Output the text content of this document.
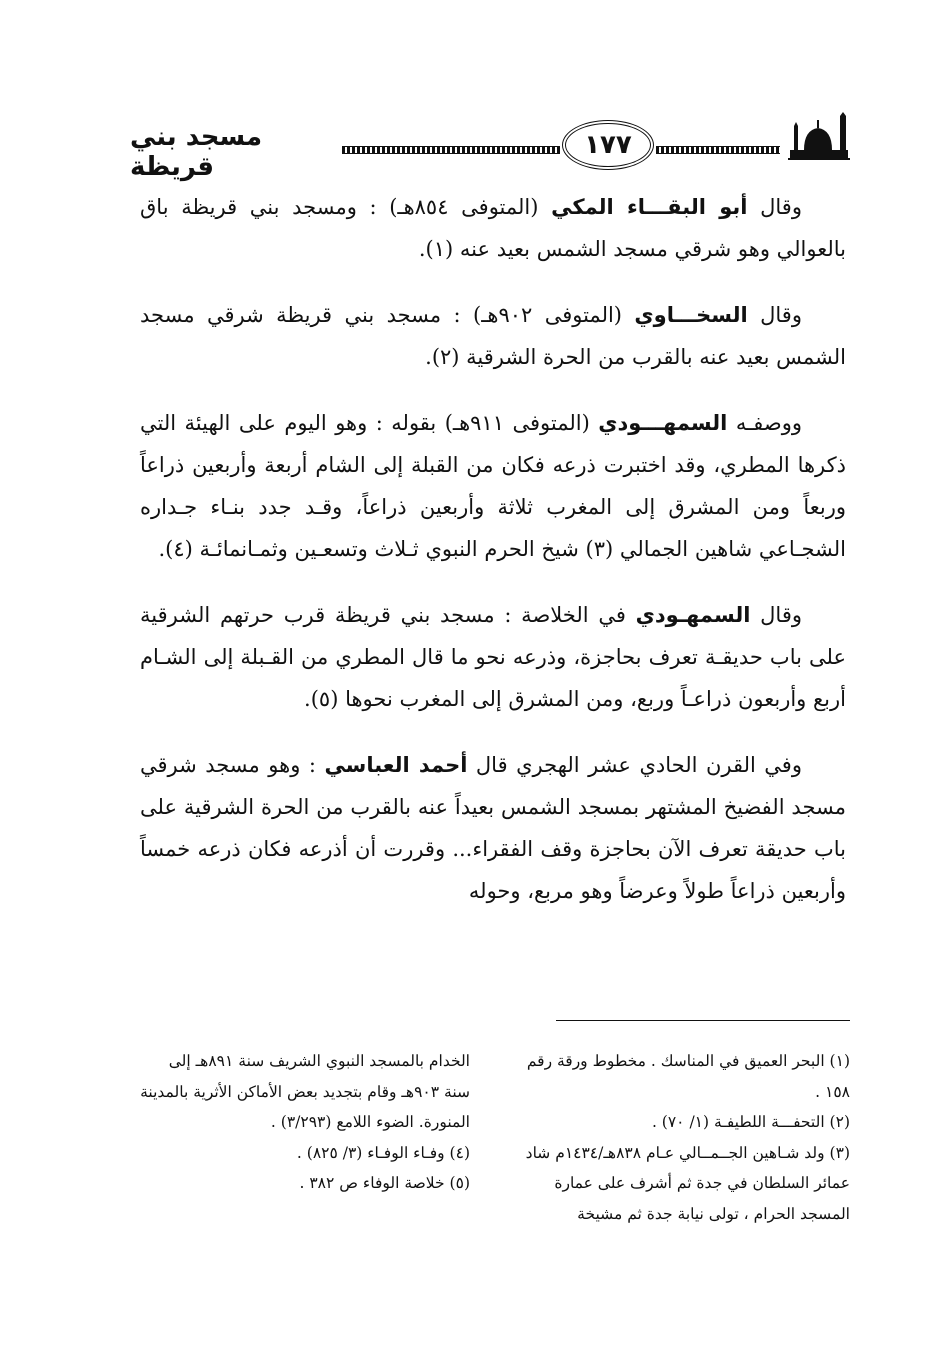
مسجد بني قريظة
١٧٧

وقال أبو البقـــاء المكي (المتوفى ٨٥٤هـ) : ومسجد بني قريظة باق بالعوالي وهو شرقي مسجد الشمس بعيد عنه (١).

وقال السخـــاوي (المتوفى ٩٠٢هـ) : مسجد بني قريظة شرقي مسجد الشمس بعيد عنه بالقرب من الحرة الشرقية (٢).

ووصفـه السمهـــودي (المتوفى ٩١١هـ) بقوله : وهو اليوم على الهيئة التي ذكرها المطري، وقد اختبرت ذرعه فكان من القبلة إلى الشام أربعة وأربعين ذراعاً وربعاً ومن المشرق إلى المغرب ثلاثة وأربعين ذراعاً، وقـد جدد بنـاء جـداره الشجـاعي شاهين الجمالي (٣) شيخ الحرم النبوي ثـلاث وتسعـين وثمـانمائـة (٤).

وقال السمهـودي في الخلاصة : مسجد بني قريظة قرب حرتهم الشرقية على باب حديقـة تعرف بحاجزة، وذرعه نحو ما قال المطري من القـبلة إلى الشـام أربع وأربعون ذراعـاً وربع، ومن المشرق إلى المغرب نحوها (٥).

وفي القرن الحادي عشر الهجري قال أحمد العباسي : وهو مسجد شرقي مسجد الفضيخ المشتهر بمسجد الشمس بعيداً عنه بالقرب من الحرة الشرقية على باب حديقة تعرف الآن بحاجزة وقف الفقراء... وقررت أن أذرعه فكان ذرعه خمساً وأربعين ذراعاً طولاً وعرضاً وهو مربع، وحوله

(١) البحر العميق في المناسك . مخطوط ورقة رقم ١٥٨ .

(٢) التحفـــة اللطيفـة (١/ ٧٠) .

(٣) ولد شـاهين الجــمــالي عـام ٨٣٨هـ/١٤٣٤م شاد عمائر السلطان في جدة ثم أشرف على عمارة المسجد الحرام ، تولى نيابة جدة ثم مشيخة

الخدام بالمسجد النبوي الشريف سنة ٨٩١هـ إلى سنة ٩٠٣هـ وقام بتجديد بعض الأماكن الأثرية بالمدينة المنورة. الضوء اللامع (٣/٢٩٣) .

(٤) وفـاء الوفـاء (٣/ ٨٢٥) .

(٥) خلاصة الوفاء ص ٣٨٢ .
